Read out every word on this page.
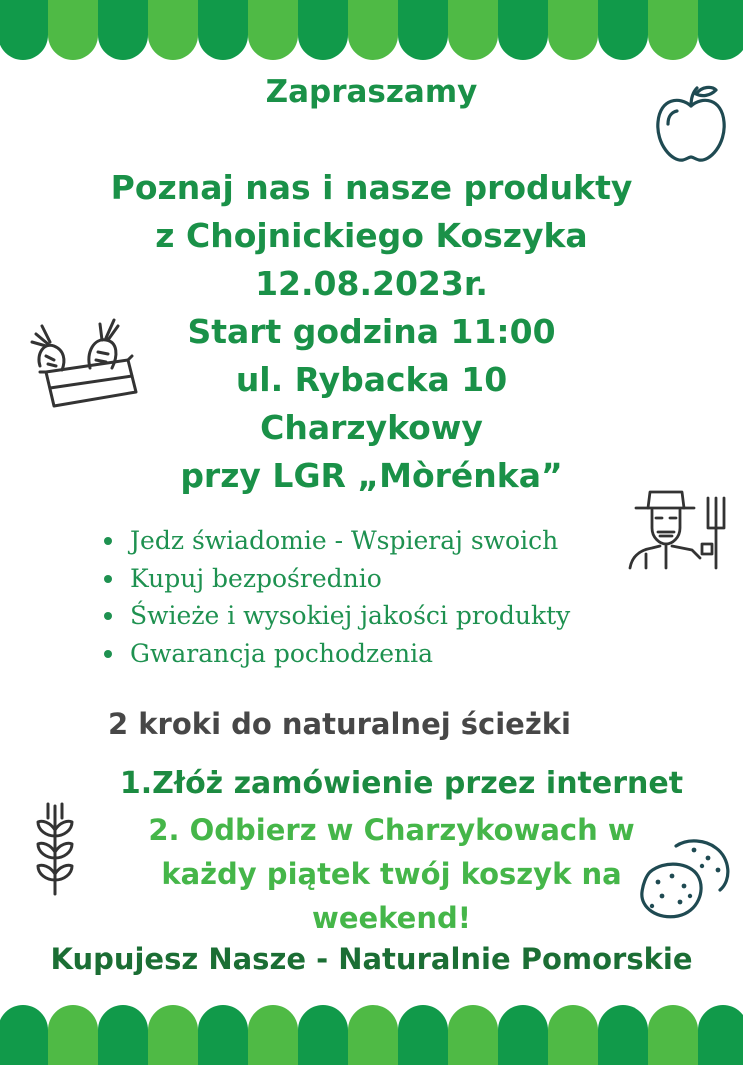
Zapraszamy

Poznaj nas i nasze produkty

z Chojnickiego Koszyka

12.08.2023r.

Start godzina 11:00

ul. Rybacka 10

Charzykowy

przy LGR „Mòrénka”

Jedz świadomie - Wspieraj swoich
Kupuj bezpośrednio
Świeże i wysokiej jakości produkty
Gwarancja pochodzenia
2 kroki do naturalnej ścieżki

1.Złóż zamówienie przez internet

2. Odbierz w Charzykowach w
każdy piątek twój koszyk na
weekend!

Kupujesz Nasze - Naturalnie Pomorskie
